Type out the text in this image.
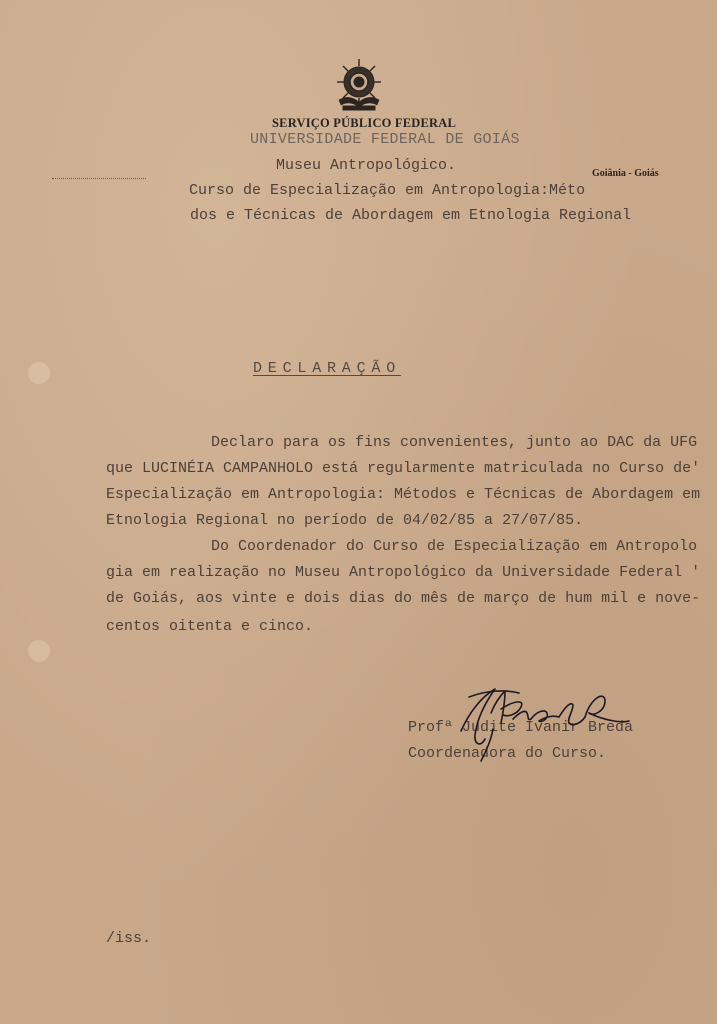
SERVIÇO PÚBLICO FEDERAL
UNIVERSIDADE FEDERAL DE GOIÁS
Museu Antropológico.	Goiânia - Goiás
Curso de Especialização em Antropologia:Méto
dos e Técnicas de Abordagem em Etnologia Regional
DECLARAÇÃO
Declaro para os fins convenientes, junto ao DAC da UFG
que LUCINÉIA CAMPANHOLO está regularmente matriculada no Curso de'
Especialização em Antropologia: Métodos e Técnicas de Abordagem em
Etnologia Regional no período de 04/02/85 a 27/07/85.
Do Coordenador do Curso de Especialização em Antropolo
gia em realização no Museu Antropológico da Universidade Federal '
de Goiás, aos vinte e dois dias do mês de março de hum mil e nove-
centos oitenta e cinco.
Profª Judite Ivanir Breda
Coordenadora do Curso.
/iss.
